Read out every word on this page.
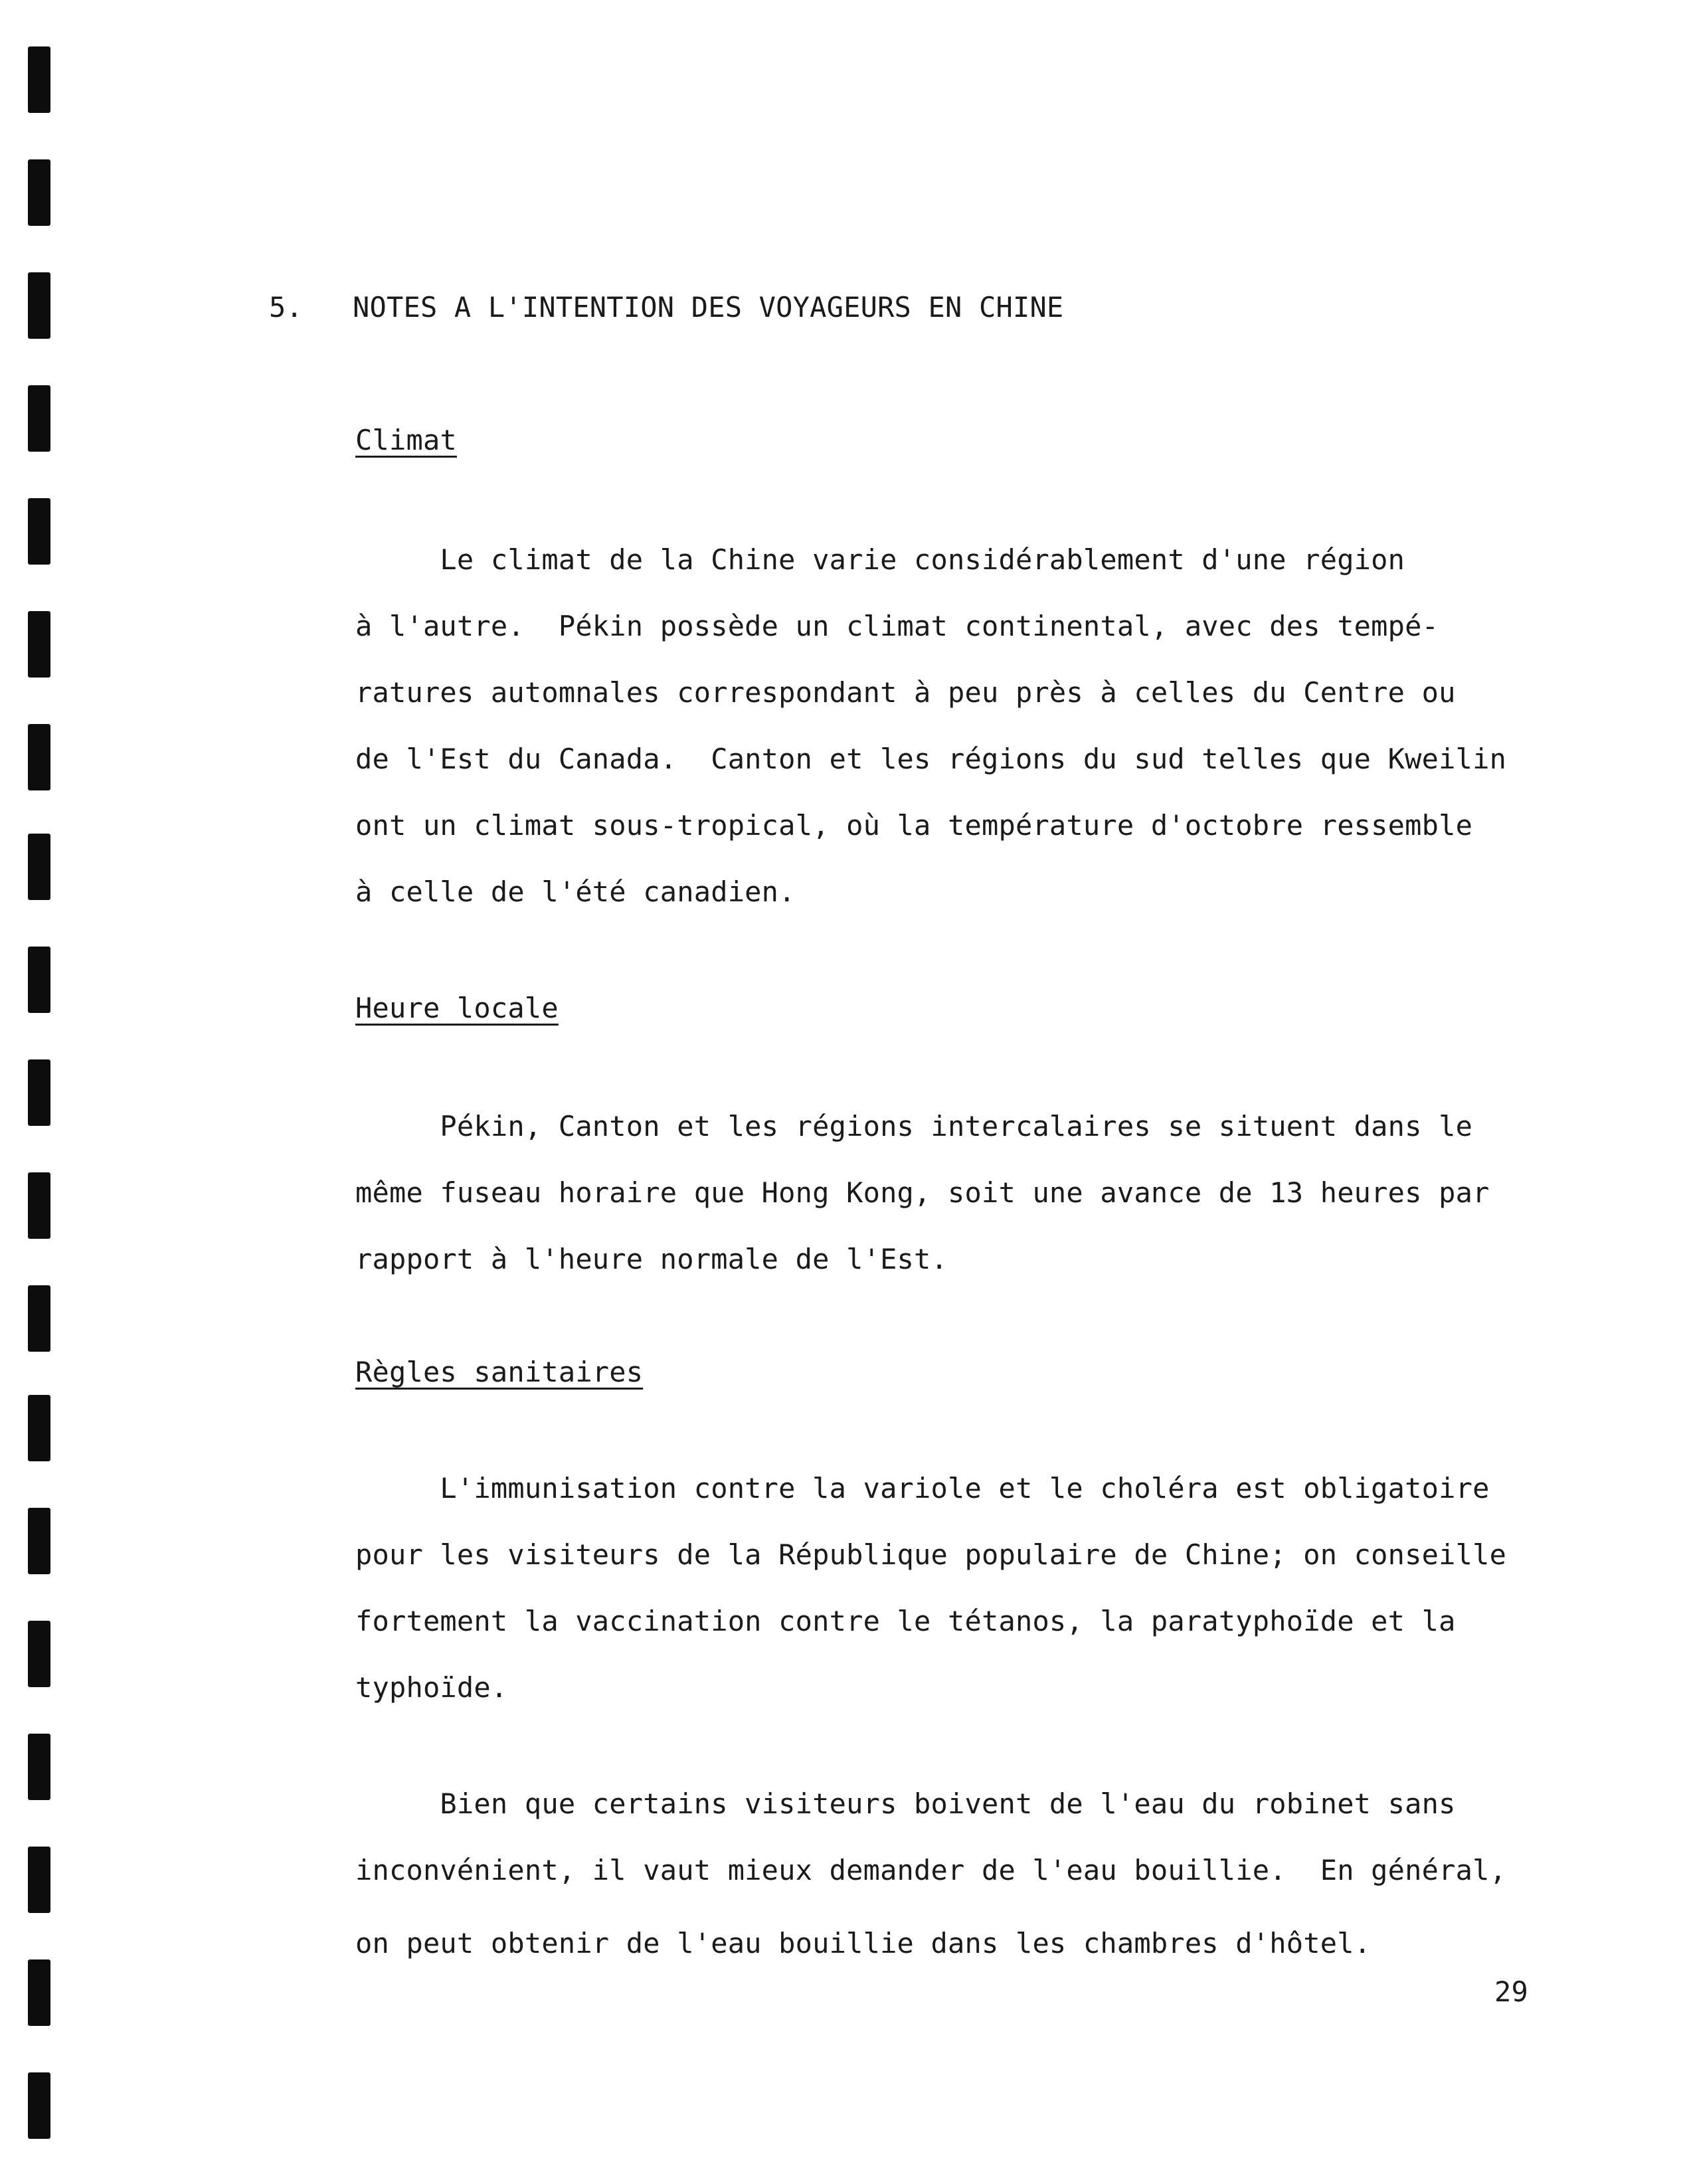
5. NOTES A L'INTENTION DES VOYAGEURS EN CHINE
Climat
Le climat de la Chine varie considérablement d'une région
à l'autre.  Pékin possède un climat continental, avec des tempé-
ratures automnales correspondant à peu près à celles du Centre ou
de l'Est du Canada.  Canton et les régions du sud telles que Kweilin
ont un climat sous-tropical, où la température d'octobre ressemble
à celle de l'été canadien.
Heure locale
Pékin, Canton et les régions intercalaires se situent dans le
même fuseau horaire que Hong Kong, soit une avance de 13 heures par
rapport à l'heure normale de l'Est.
Règles sanitaires
L'immunisation contre la variole et le choléra est obligatoire
pour les visiteurs de la République populaire de Chine; on conseille
fortement la vaccination contre le tétanos, la paratyphoïde et la
typhoïde.
Bien que certains visiteurs boivent de l'eau du robinet sans
inconvénient, il vaut mieux demander de l'eau bouillie.  En général,
on peut obtenir de l'eau bouillie dans les chambres d'hôtel.
29
